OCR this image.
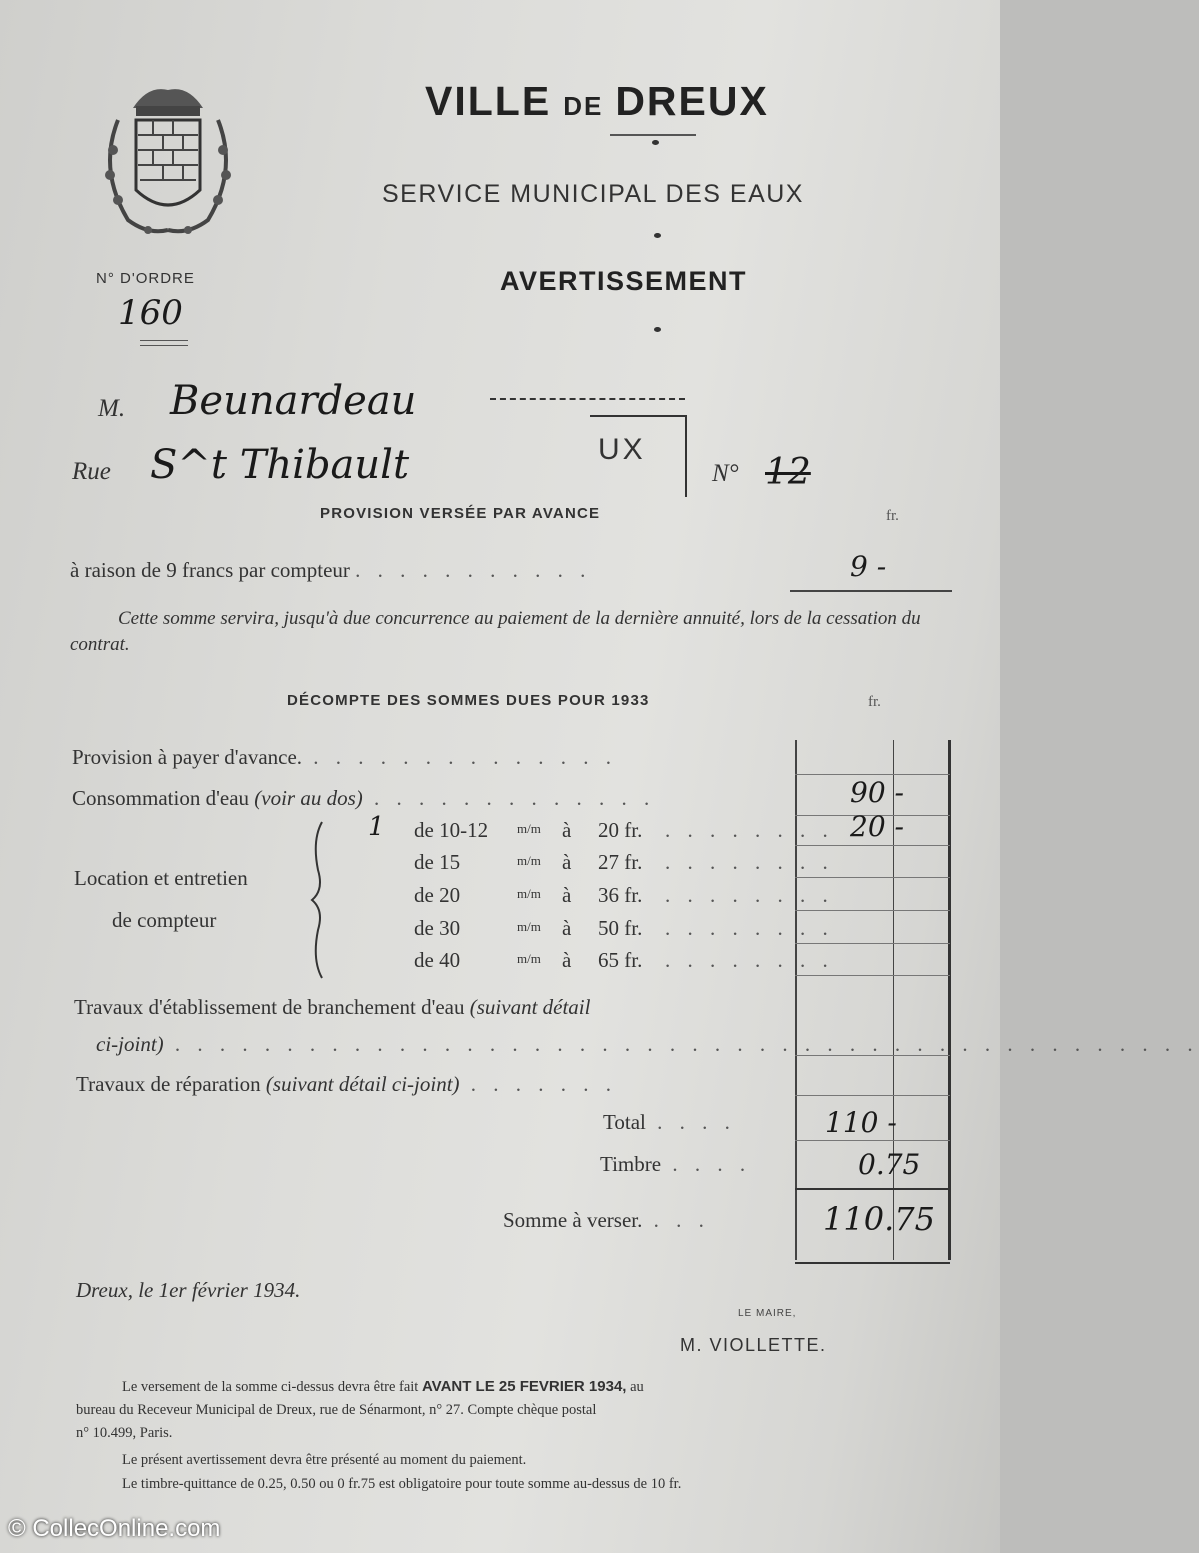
VILLE DE DREUX
SERVICE MUNICIPAL DES EAUX
AVERTISSEMENT
N° D'ORDRE
160
M. Beunardeau
UX
Rue S^t Thibault	N° 12
PROVISION VERSÉE PAR AVANCE	fr.
à raison de 9 francs par compteur . . . . . . . . . . .	9 -
Cette somme servira, jusqu'à due concurrence au paiement de la dernière annuité, lors de la cessation du contrat.
DÉCOMPTE DES SOMMES DUES POUR 1933	fr.
Provision à payer d'avance. . . . . . . . . . . . . . .
Consommation d'eau (voir au dos) . . . . . . . . . . . . .	90 -
Location et entretien
de compteur
1 de 10-12 m/m à 20 fr. . . . . . . . . 20 -
de 15	m/m à 27 fr. . . . . . . . .
de 20	m/m à 36 fr. . . . . . . . .
de 30	m/m à 50 fr. . . . . . . . .
de 40	m/m à 65 fr. . . . . . . . .
Travaux d'établissement de branchement d'eau (suivant détail
ci-joint) . . . . . . . . . . . . . . . . . . . . . . . . . . . . . . . . . . . . . . . . . . . . . .
Travaux de réparation (suivant détail ci-joint) . . . . . . .
Total . . . .	110 -
Timbre . . . .	0.75
Somme à verser. . . .	110.75
Dreux, le 1er février 1934.
LE MAIRE,
M. VIOLLETTE.
Le versement de la somme ci-dessus devra être fait AVANT LE 25 FEVRIER 1934, au
bureau du Receveur Municipal de Dreux, rue de Sénarmont, n° 27. Compte chèque postal
n° 10.499, Paris.
Le présent avertissement devra être présenté au moment du paiement.
Le timbre-quittance de 0.25, 0.50 ou 0 fr.75 est obligatoire pour toute somme au-dessus de 10 fr.
© CollecOnline.com
